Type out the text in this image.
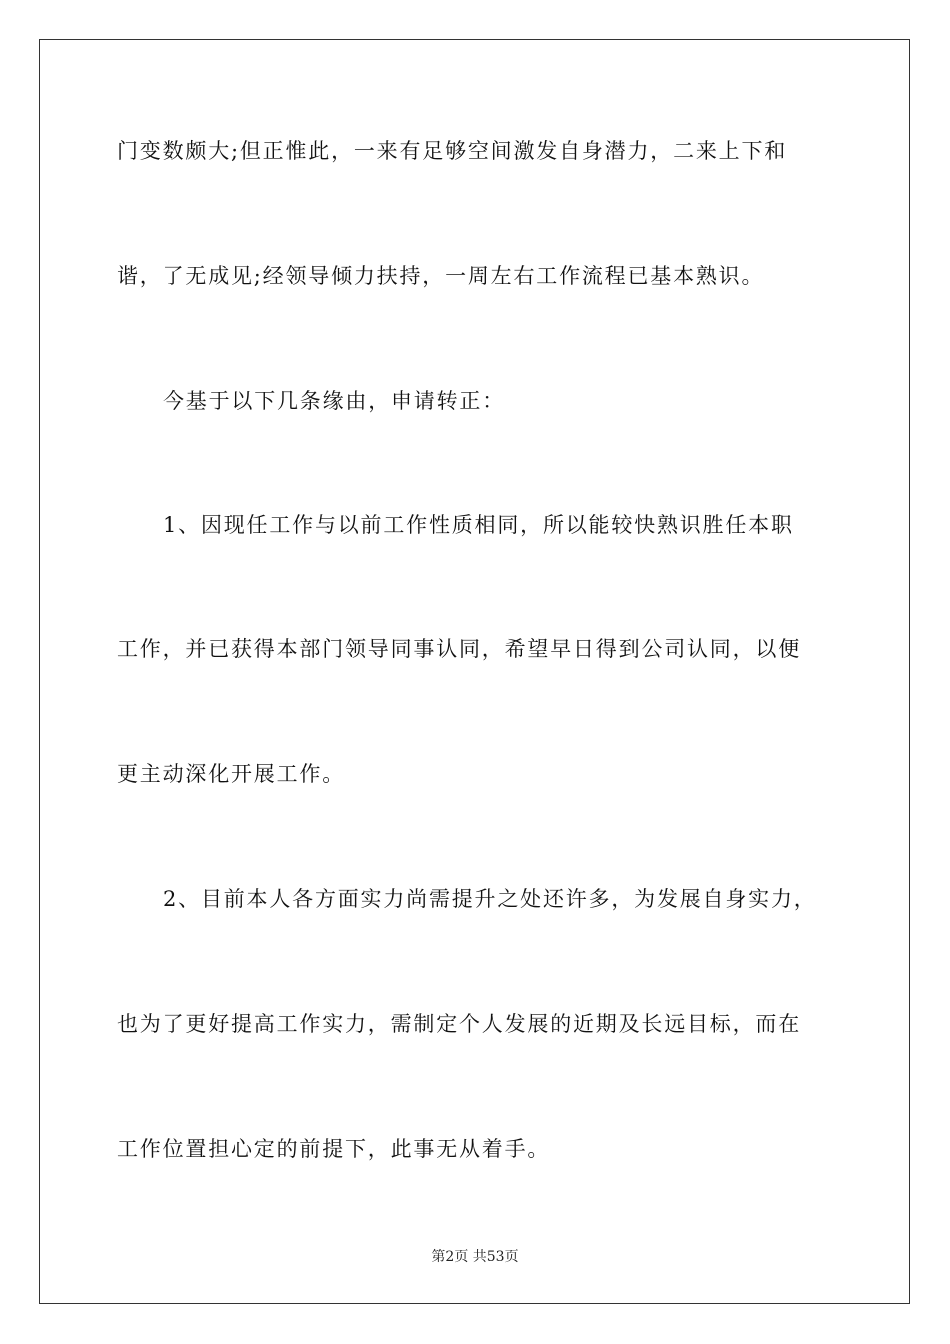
门变数颇大;但正惟此，一来有足够空间激发自身潜力，二来上下和
谐，了无成见;经领导倾力扶持，一周左右工作流程已基本熟识。
今基于以下几条缘由，申请转正：
1、因现任工作与以前工作性质相同，所以能较快熟识胜任本职
工作，并已获得本部门领导同事认同，希望早日得到公司认同，以便
更主动深化开展工作。
2、目前本人各方面实力尚需提升之处还许多，为发展自身实力，
也为了更好提高工作实力，需制定个人发展的近期及长远目标，而在
工作位置担心定的前提下，此事无从着手。
第2页 共53页
